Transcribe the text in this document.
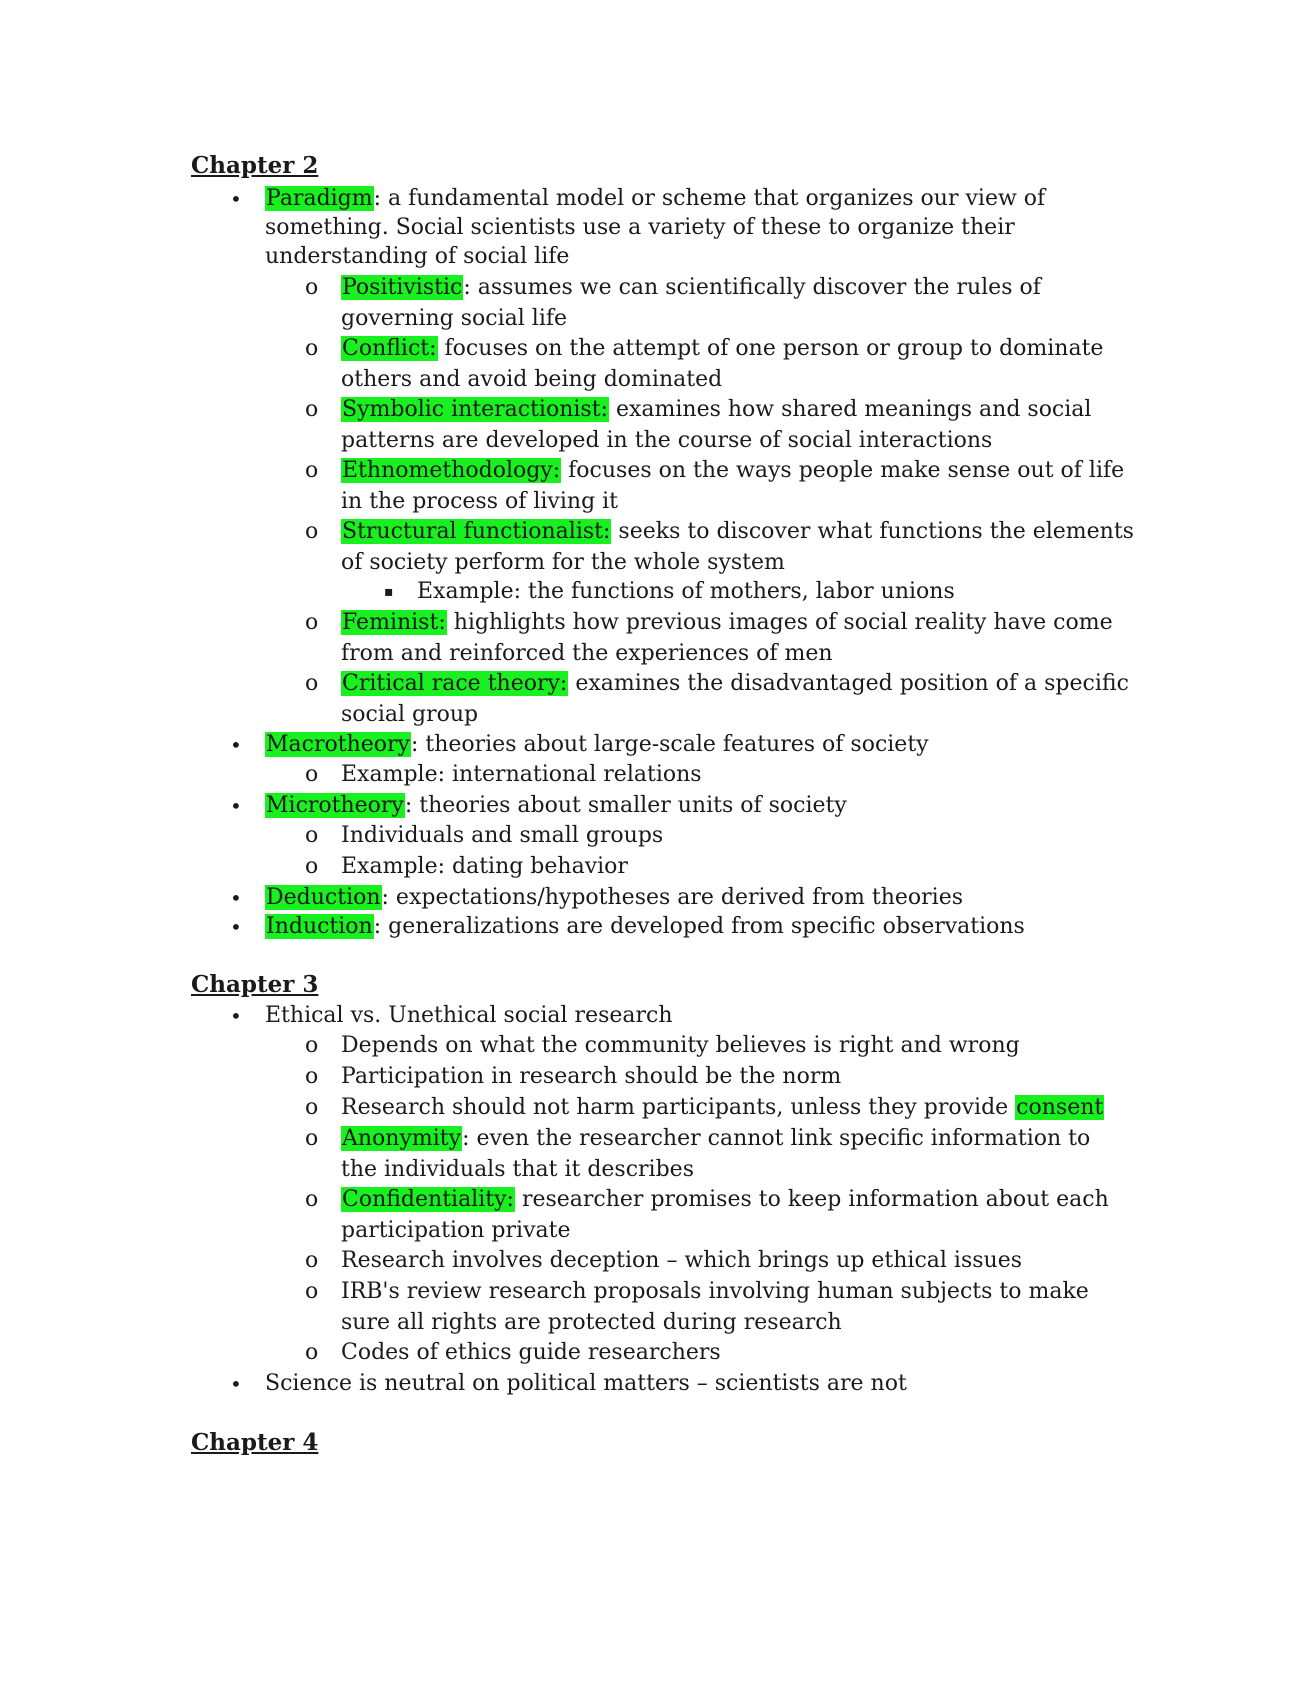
Chapter 2
• Paradigm: a fundamental model or scheme that organizes our view of
something. Social scientists use a variety of these to organize their
understanding of social life
o Positivistic: assumes we can scientifically discover the rules of
governing social life
o Conflict: focuses on the attempt of one person or group to dominate
others and avoid being dominated
o Symbolic interactionist: examines how shared meanings and social
patterns are developed in the course of social interactions
o Ethnomethodology: focuses on the ways people make sense out of life
in the process of living it
o Structural functionalist: seeks to discover what functions the elements
of society perform for the whole system
▪ Example: the functions of mothers, labor unions
o Feminist: highlights how previous images of social reality have come
from and reinforced the experiences of men
o Critical race theory: examines the disadvantaged position of a specific
social group
• Macrotheory: theories about large-scale features of society
o Example: international relations
• Microtheory: theories about smaller units of society
o Individuals and small groups
o Example: dating behavior
• Deduction: expectations/hypotheses are derived from theories
• Induction: generalizations are developed from specific observations
Chapter 3
• Ethical vs. Unethical social research
o Depends on what the community believes is right and wrong
o Participation in research should be the norm
o Research should not harm participants, unless they provide consent
o Anonymity: even the researcher cannot link specific information to
the individuals that it describes
o Confidentiality: researcher promises to keep information about each
participation private
o Research involves deception – which brings up ethical issues
o IRB's review research proposals involving human subjects to make
sure all rights are protected during research
o Codes of ethics guide researchers
• Science is neutral on political matters – scientists are not
Chapter 4
